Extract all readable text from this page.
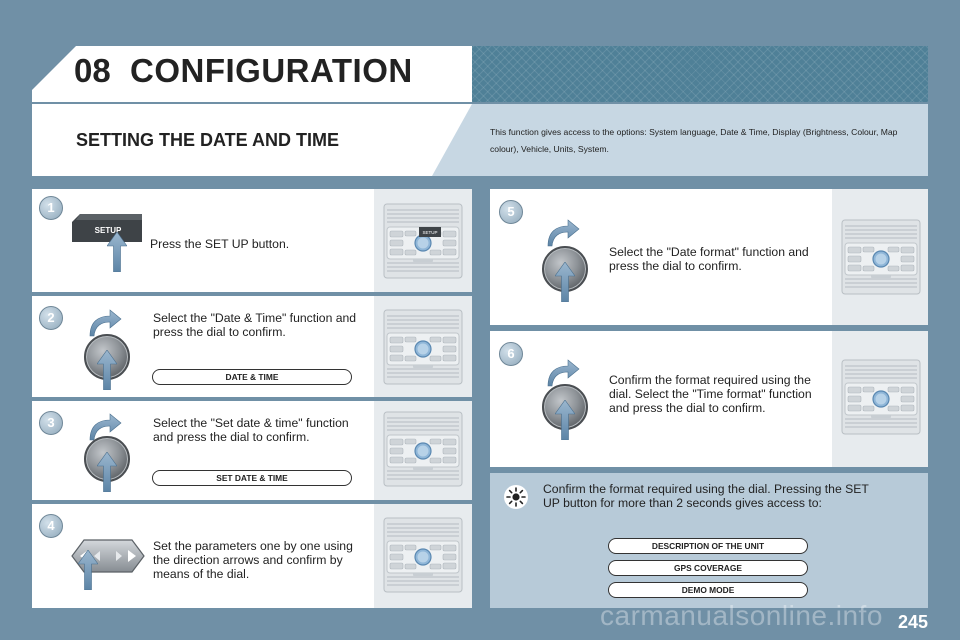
08 CONFIGURATION
SETTING THE DATE AND TIME	This function gives access to the options: System language, Date & Time, Display (Brightness, Colour, Map colour), Vehicle, Units, System.
1
SETUP
Press the SET UP button.
SETUP
2	Select the "Date & Time" function and press the dial to confirm.
DATE & TIME
3	Select the "Set date & time" function and press the dial to confirm.
SET DATE & TIME
4
Set the parameters one by one using the direction arrows and confirm by means of the dial.
5
Select the "Date format" function and press the dial to confirm.
6
Confirm the format required using the dial. Select the "Time format" function and press the dial to confirm.
Confirm the format required using the dial. Pressing the SET UP button for more than 2 seconds gives access to:
DESCRIPTION OF THE UNIT
GPS COVERAGE
DEMO MODE
carmanualsonline.info 245
